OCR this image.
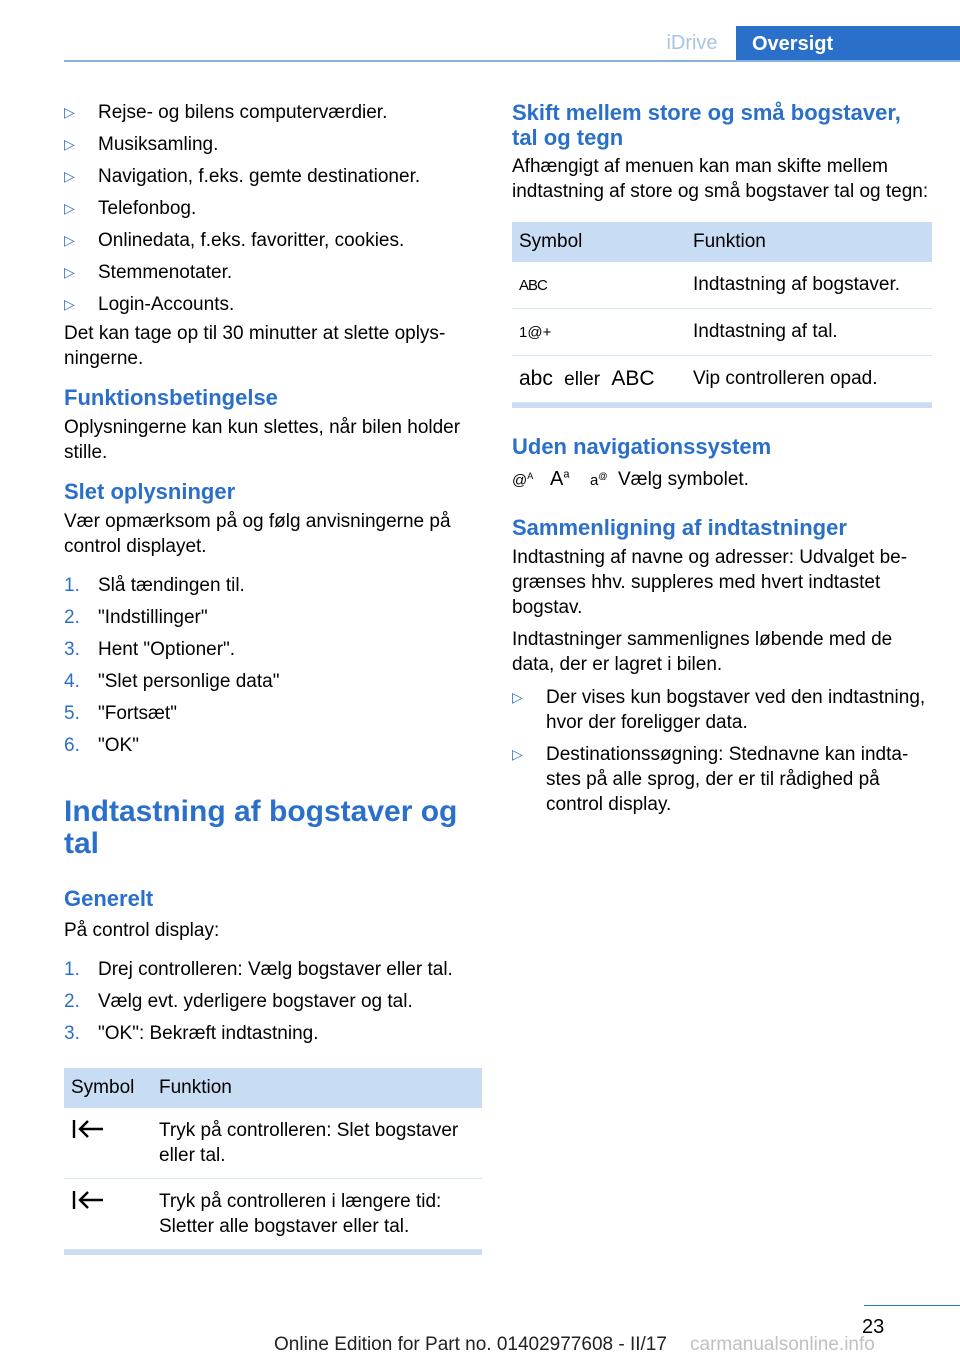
iDrive	Oversigt
▷	Rejse- og bilens computerværdier.
▷	Musiksamling.
▷	Navigation, f.eks. gemte destinationer.
▷	Telefonbog.
▷	Onlinedata, f.eks. favoritter, cookies.
▷	Stemmenotater.
▷	Login-Accounts.

Det kan tage op til 30 minutter at slette oplysningerne.

Funktionsbetingelse

Oplysningerne kan kun slettes, når bilen holder stille.

Slet oplysninger

Vær opmærksom på og følg anvisningerne på control displayet.

1. Slå tændingen til.
2. "Indstillinger"
3. Hent "Optioner".
4. "Slet personlige data"
5. "Fortsæt"
6. "OK"
Indtastning af bogstaver og tal
Generelt

På control display:

1. Drej controlleren: Vælg bogstaver eller tal.
2. Vælg evt. yderligere bogstaver og tal.
3. "OK": Bekræft indtastning.
Symbol	Funktion
	Tryk på controlleren: Slet bogstaver eller tal.
	Tryk på controlleren i længere tid: Sletter alle bogstaver eller tal.
Skift mellem store og små bogstaver, tal og tegn

Afhængigt af menuen kan man skifte mellem indtastning af store og små bogstaver tal og tegn:

Symbol	Funktion
ABC	Indtastning af bogstaver.
1@+	Indtastning af tal.
abc eller ABC	Vip controlleren opad.
Uden navigationssystem
@$^A$ $A^a$	a@ Vælg symbolet.
Sammenligning af indtastninger

Indtastning af navne og adresser: Udvalget begrænses hhv. suppleres med hvert indtastet bogstav.

Indtastninger sammenlignes løbende med de data, der er lagret i bilen.

▷	Der vises kun bogstaver ved den indtastning, hvor der foreligger data.
▷	Destinationssøgning: Stednavne kan indtastes på alle sprog, der er til rådighed på control display.
23
Online Edition for Part no. 01402977608 - II/17 carmanualsonline.info
